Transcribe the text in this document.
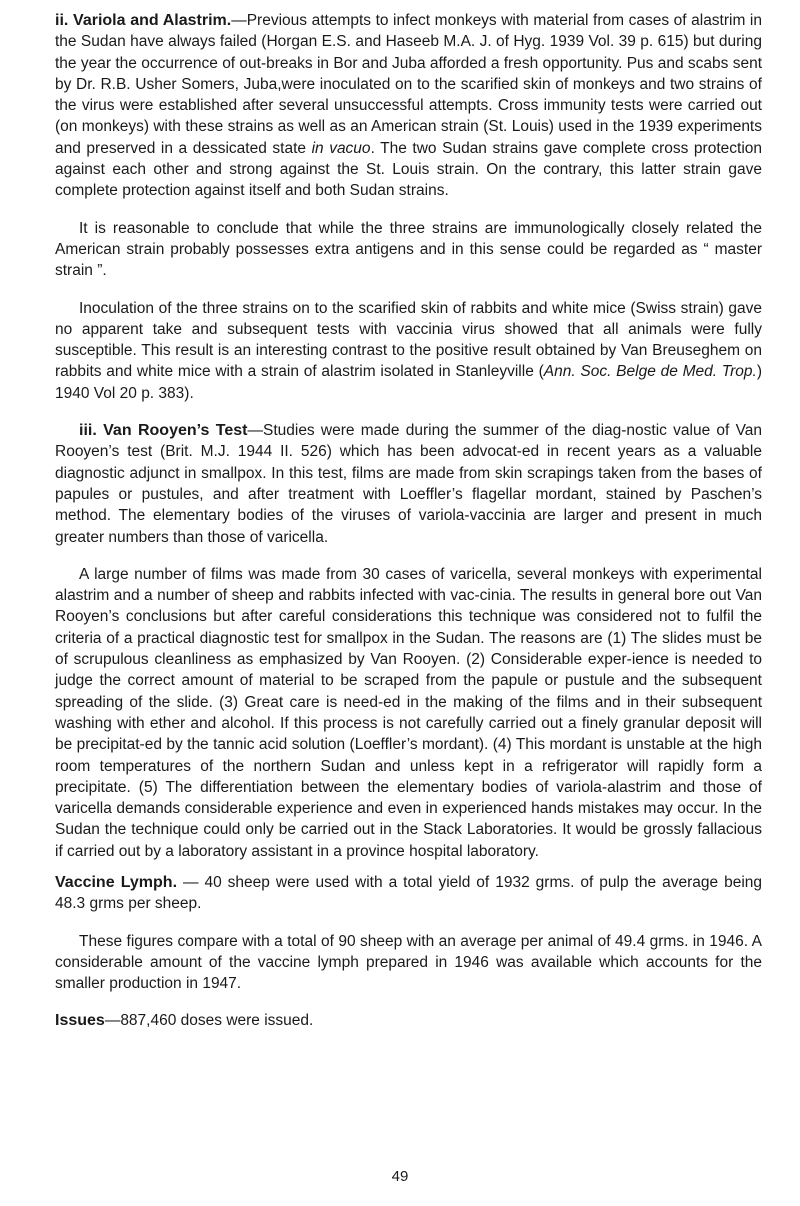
ii. Variola and Alastrim.—Previous attempts to infect monkeys with material from cases of alastrim in the Sudan have always failed (Horgan E.S. and Haseeb M.A. J. of Hyg. 1939 Vol. 39 p. 615) but during the year the occurrence of out-breaks in Bor and Juba afforded a fresh opportunity. Pus and scabs sent by Dr. R.B. Usher Somers, Juba,were inoculated on to the scarified skin of monkeys and two strains of the virus were established after several unsuccessful attempts. Cross immunity tests were carried out (on monkeys) with these strains as well as an American strain (St. Louis) used in the 1939 experiments and preserved in a dessicated state in vacuo. The two Sudan strains gave complete cross protection against each other and strong against the St. Louis strain. On the contrary, this latter strain gave complete protection against itself and both Sudan strains.

It is reasonable to conclude that while the three strains are immunologically closely related the American strain probably possesses extra antigens and in this sense could be regarded as “ master strain ”.

Inoculation of the three strains on to the scarified skin of rabbits and white mice (Swiss strain) gave no apparent take and subsequent tests with vaccinia virus showed that all animals were fully susceptible. This result is an interesting contrast to the positive result obtained by Van Breuseghem on rabbits and white mice with a strain of alastrim isolated in Stanleyville (Ann. Soc. Belge de Med. Trop.) 1940 Vol 20 p. 383).

iii. Van Rooyen’s Test—Studies were made during the summer of the diag-nostic value of Van Rooyen’s test (Brit. M.J. 1944 II. 526) which has been advocat-ed in recent years as a valuable diagnostic adjunct in smallpox. In this test, films are made from skin scrapings taken from the bases of papules or pustules, and after treatment with Loeffler’s flagellar mordant, stained by Paschen’s method. The elementary bodies of the viruses of variola-vaccinia are larger and present in much greater numbers than those of varicella.

A large number of films was made from 30 cases of varicella, several monkeys with experimental alastrim and a number of sheep and rabbits infected with vac-cinia. The results in general bore out Van Rooyen’s conclusions but after careful considerations this technique was considered not to fulfil the criteria of a practical diagnostic test for smallpox in the Sudan. The reasons are (1) The slides must be of scrupulous cleanliness as emphasized by Van Rooyen. (2) Considerable exper-ience is needed to judge the correct amount of material to be scraped from the papule or pustule and the subsequent spreading of the slide. (3) Great care is need-ed in the making of the films and in their subsequent washing with ether and alcohol. If this process is not carefully carried out a finely granular deposit will be precipitat-ed by the tannic acid solution (Loeffler’s mordant). (4) This mordant is unstable at the high room temperatures of the northern Sudan and unless kept in a refrigerator will rapidly form a precipitate. (5) The differentiation between the elementary bodies of variola-alastrim and those of varicella demands considerable experience and even in experienced hands mistakes may occur. In the Sudan the technique could only be carried out in the Stack Laboratories. It would be grossly fallacious if carried out by a laboratory assistant in a province hospital laboratory.

Vaccine Lymph. — 40 sheep were used with a total yield of 1932 grms. of pulp the average being 48.3 grms per sheep.

These figures compare with a total of 90 sheep with an average per animal of 49.4 grms. in 1946. A considerable amount of the vaccine lymph prepared in 1946 was available which accounts for the smaller production in 1947.

Issues—887,460 doses were issued.

49
